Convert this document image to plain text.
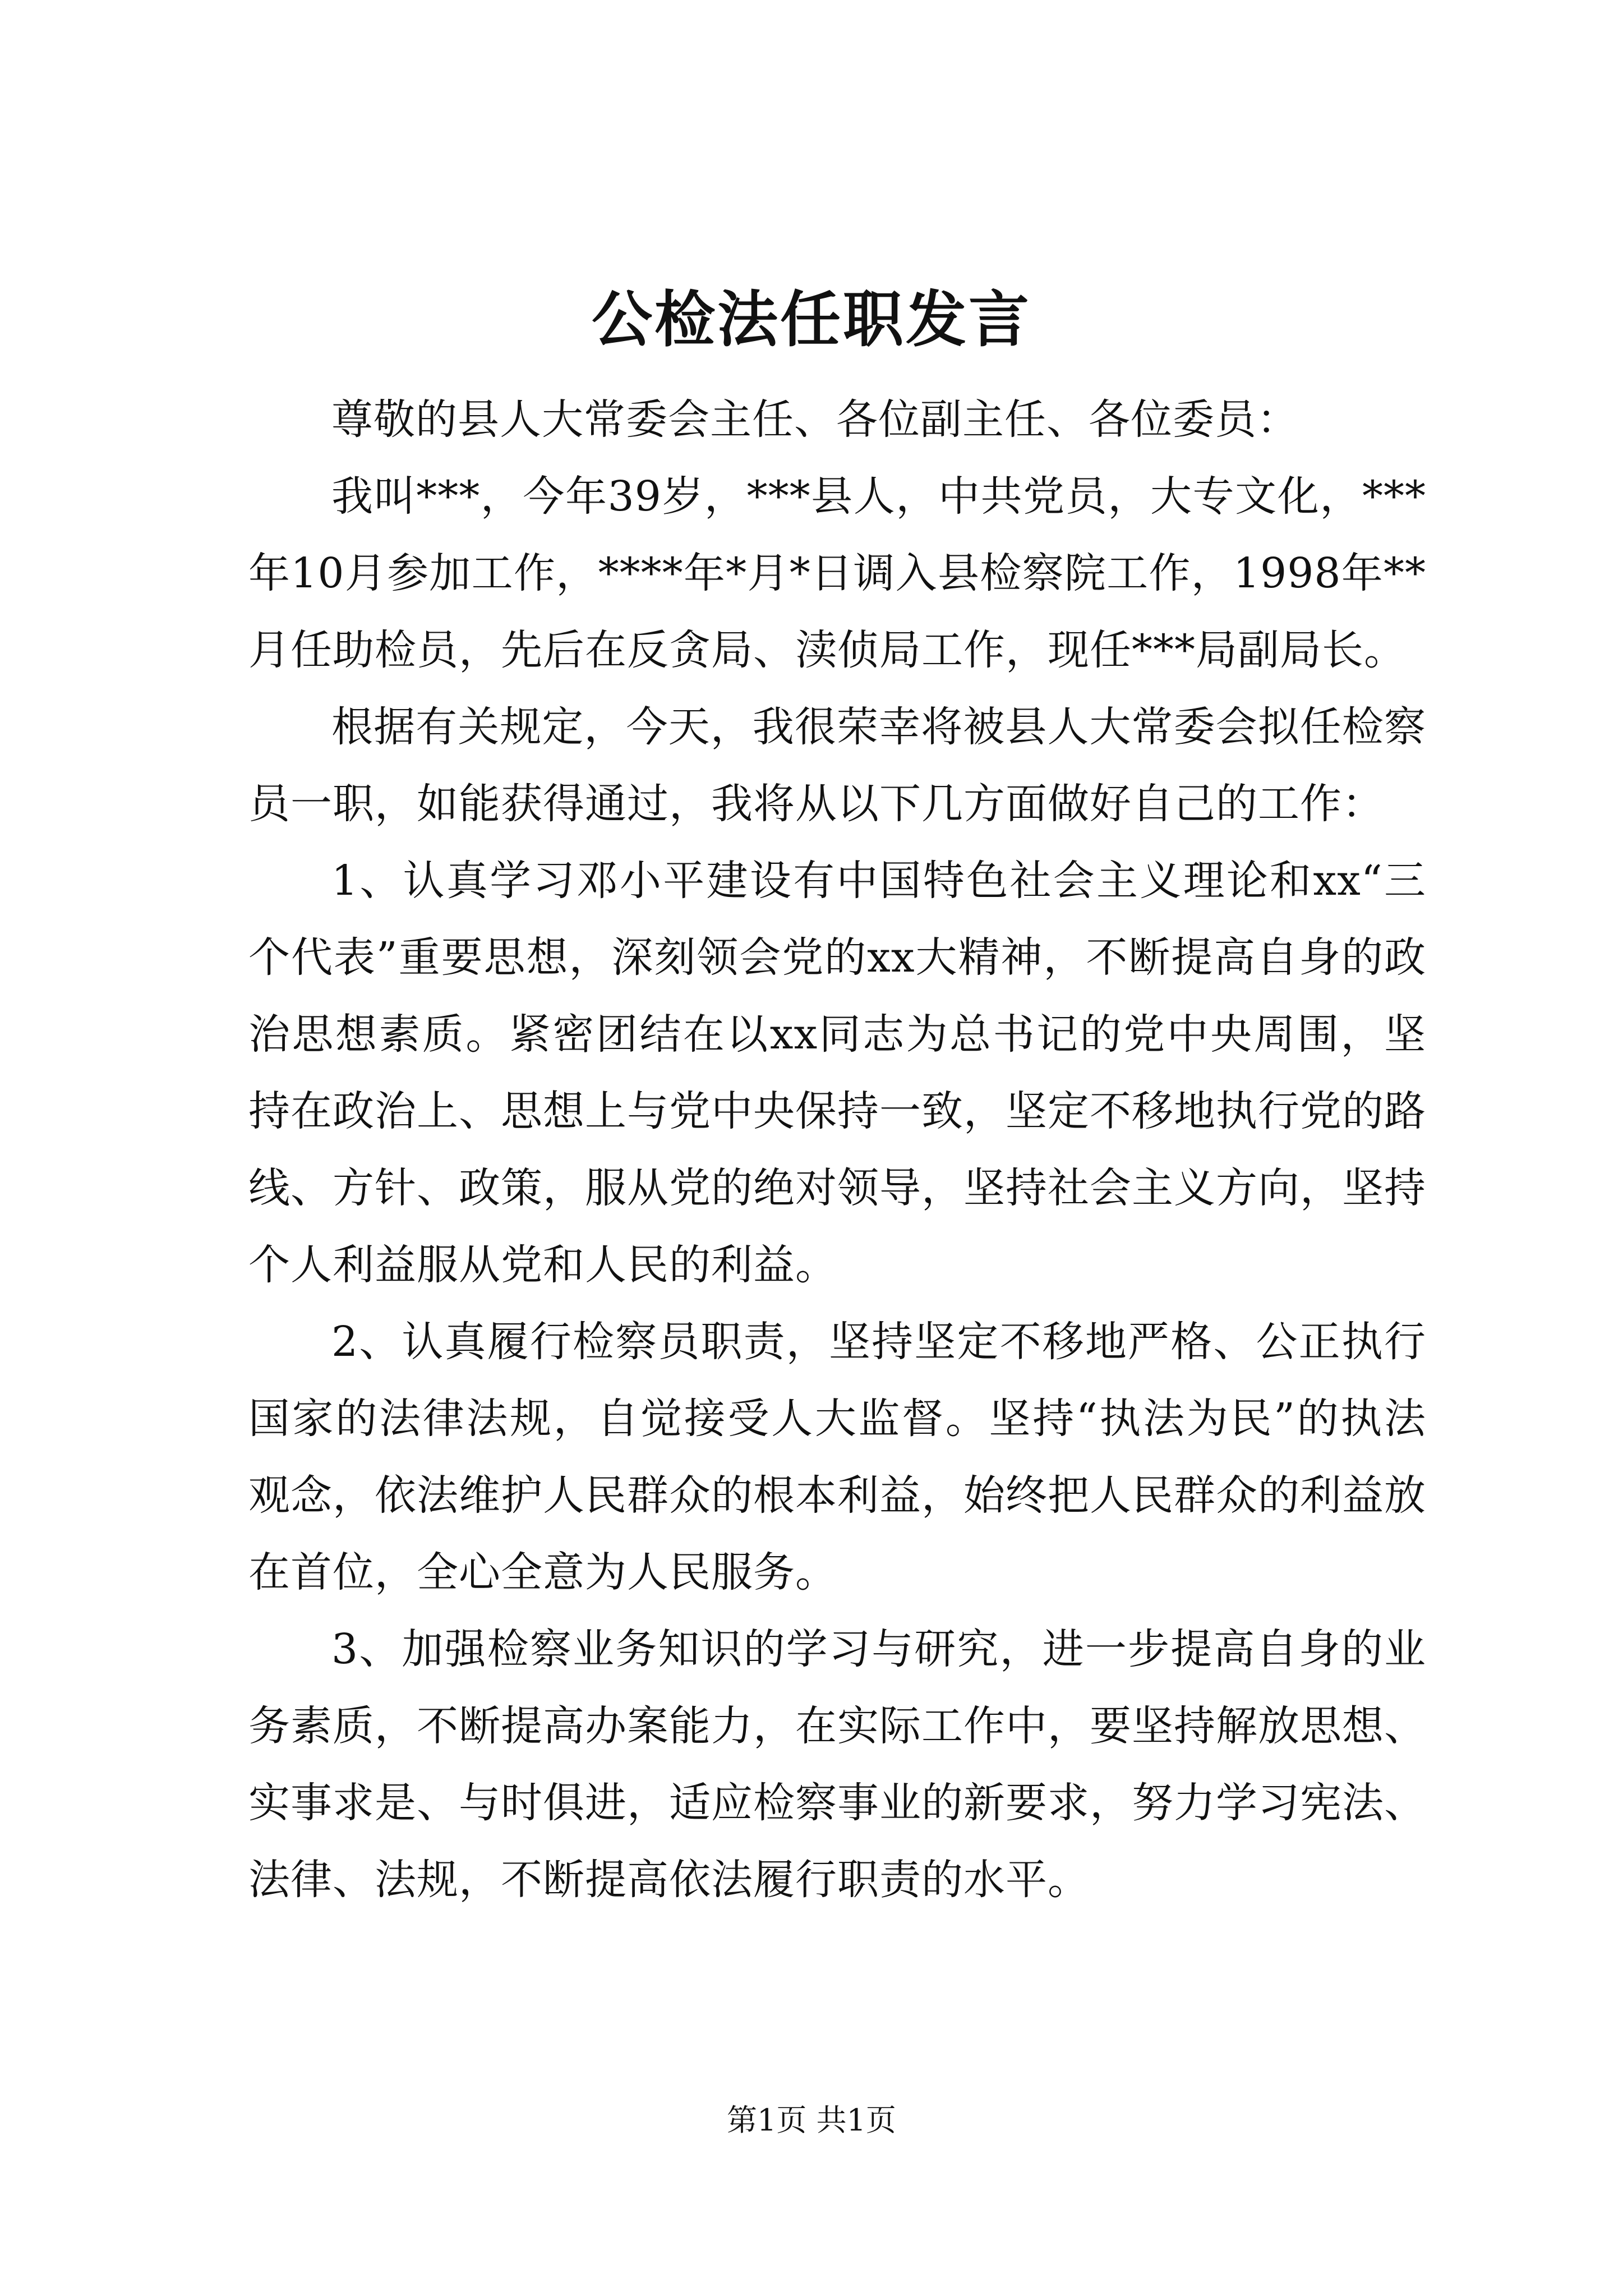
公检法任职发言

尊敬的县人大常委会主任、各位副主任、各位委员：

我叫***，今年39岁，***县人，中共党员，大专文化，***年10月参加工作，****年*月*日调入县检察院工作，1998年**月任助检员，先后在反贪局、渎侦局工作，现任***局副局长。

根据有关规定，今天，我很荣幸将被县人大常委会拟任检察员一职，如能获得通过，我将从以下几方面做好自己的工作：

1、认真学习邓小平建设有中国特色社会主义理论和xx“三个代表”重要思想，深刻领会党的xx大精神，不断提高自身的政治思想素质。紧密团结在以xx同志为总书记的党中央周围，坚持在政治上、思想上与党中央保持一致，坚定不移地执行党的路线、方针、政策，服从党的绝对领导，坚持社会主义方向，坚持个人利益服从党和人民的利益。

2、认真履行检察员职责，坚持坚定不移地严格、公正执行国家的法律法规，自觉接受人大监督。坚持“执法为民”的执法观念，依法维护人民群众的根本利益，始终把人民群众的利益放在首位，全心全意为人民服务。

3、加强检察业务知识的学习与研究，进一步提高自身的业务素质，不断提高办案能力，在实际工作中，要坚持解放思想、实事求是、与时俱进，适应检察事业的新要求，努力学习宪法、法律、法规，不断提高依法履行职责的水平。

第1页 共1页
